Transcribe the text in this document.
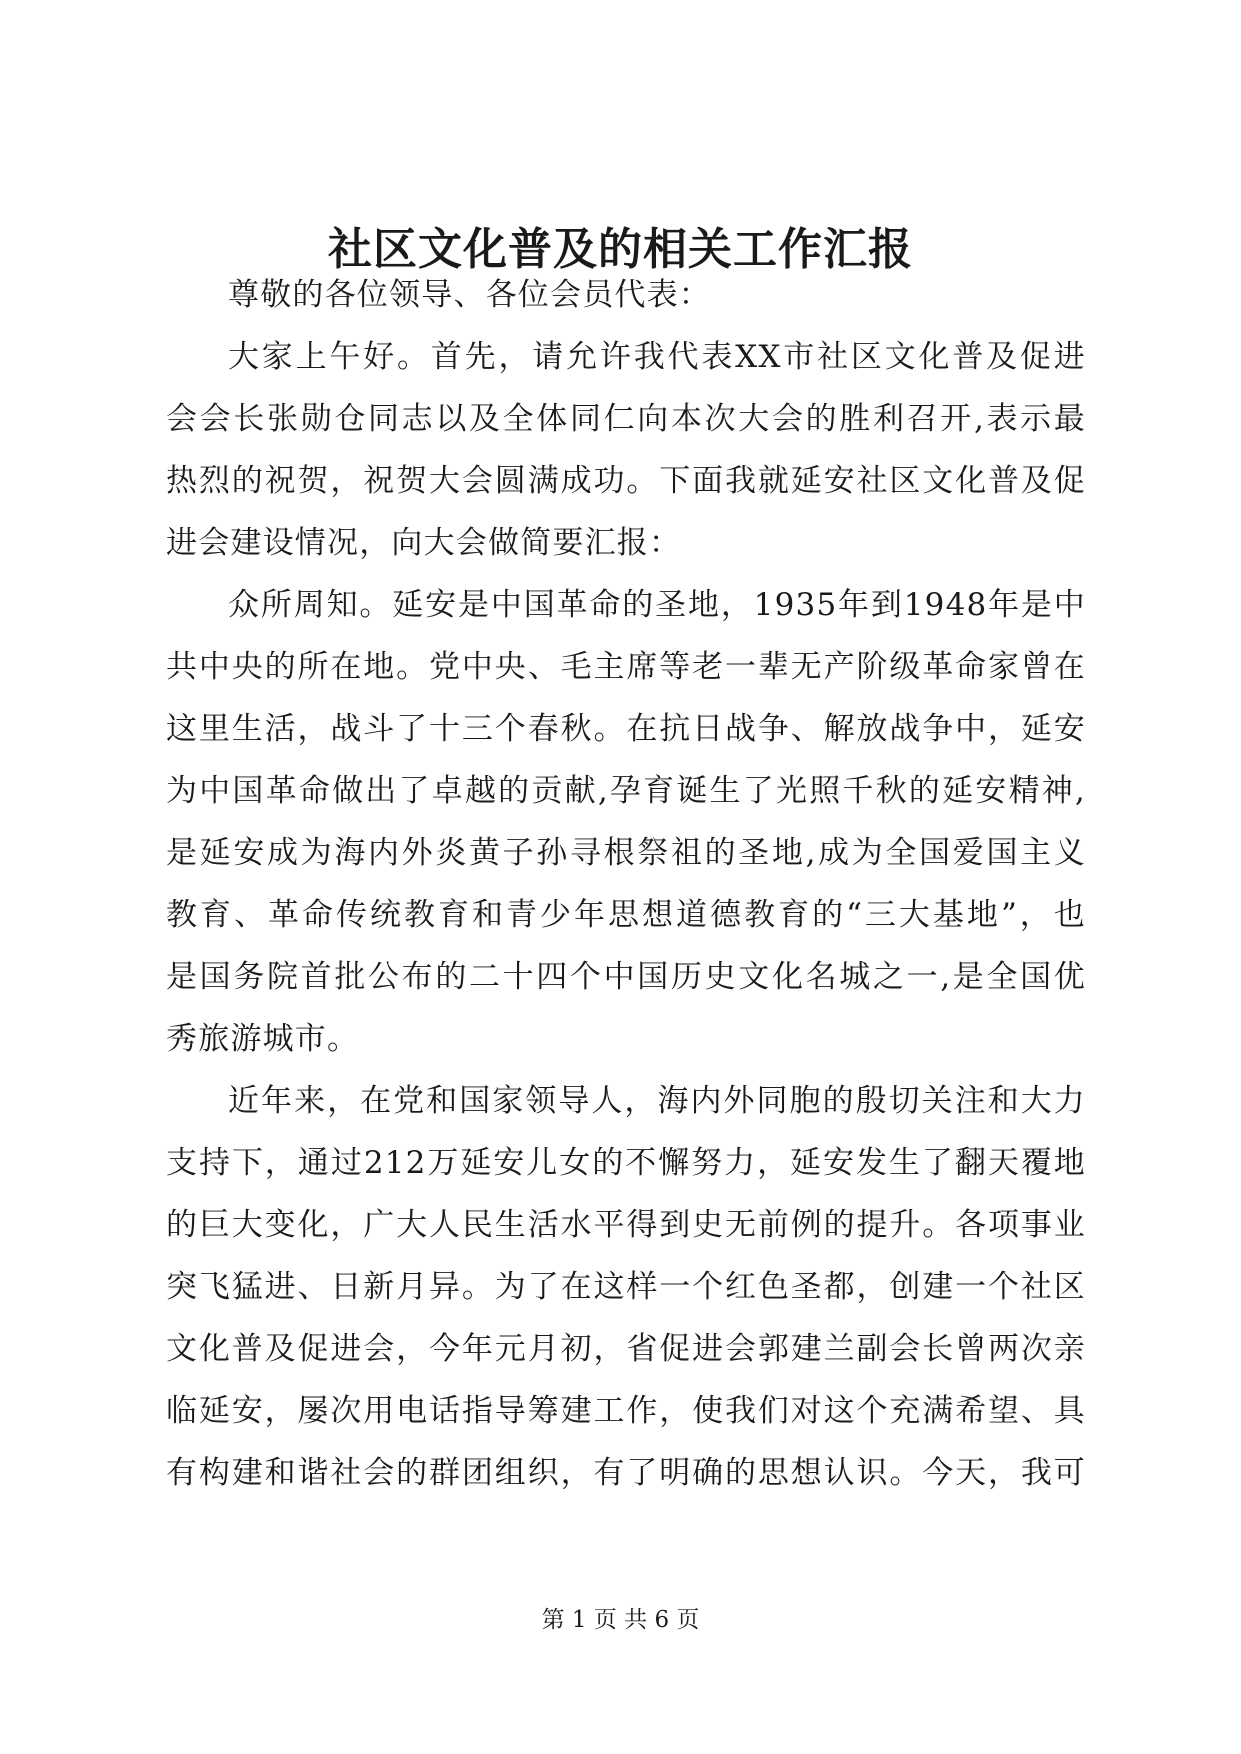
社区文化普及的相关工作汇报

尊敬的各位领导、各位会员代表：

大家上午好。首先，请允许我代表XX市社区文化普及促进
会会长张勋仓同志以及全体同仁向本次大会的胜利召开,表示最
热烈的祝贺，祝贺大会圆满成功。下面我就延安社区文化普及促
进会建设情况，向大会做简要汇报：

众所周知。延安是中国革命的圣地，1935年到1948年是中
共中央的所在地。党中央、毛主席等老一辈无产阶级革命家曾在
这里生活，战斗了十三个春秋。在抗日战争、解放战争中，延安
为中国革命做出了卓越的贡献,孕育诞生了光照千秋的延安精神,
是延安成为海内外炎黄子孙寻根祭祖的圣地,成为全国爱国主义
教育、革命传统教育和青少年思想道德教育的“三大基地”，也
是国务院首批公布的二十四个中国历史文化名城之一,是全国优
秀旅游城市。

近年来，在党和国家领导人，海内外同胞的殷切关注和大力
支持下，通过212万延安儿女的不懈努力，延安发生了翻天覆地
的巨大变化，广大人民生活水平得到史无前例的提升。各项事业
突飞猛进、日新月异。为了在这样一个红色圣都，创建一个社区
文化普及促进会，今年元月初，省促进会郭建兰副会长曾两次亲
临延安，屡次用电话指导筹建工作，使我们对这个充满希望、具
有构建和谐社会的群团组织，有了明确的思想认识。今天，我可

第 1 页 共 6 页
